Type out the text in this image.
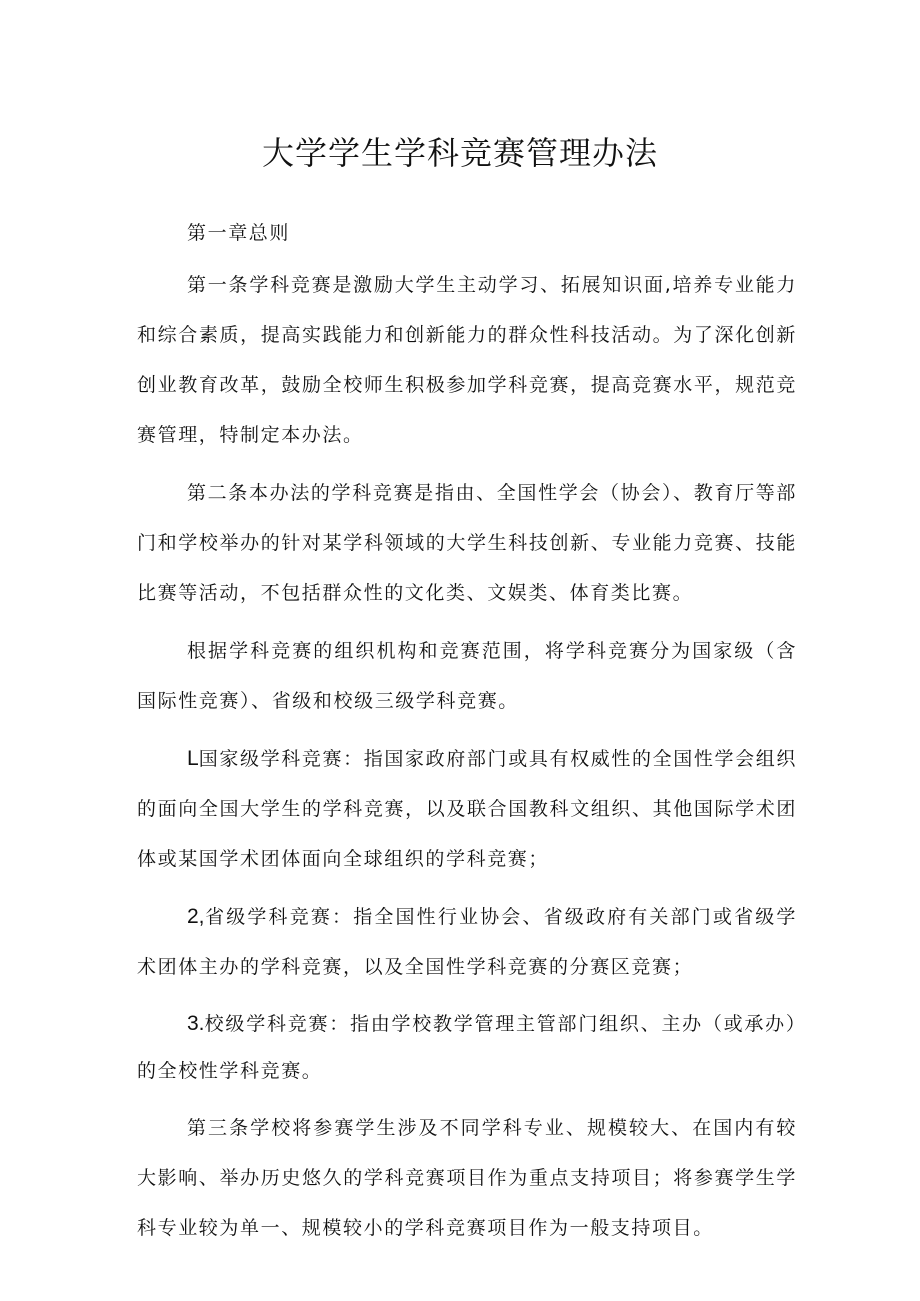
大学学生学科竞赛管理办法

第一章总则

第一条学科竞赛是激励大学生主动学习、拓展知识面,培养专业能力和综合素质，提高实践能力和创新能力的群众性科技活动。为了深化创新创业教育改革，鼓励全校师生积极参加学科竞赛，提高竞赛水平，规范竞赛管理，特制定本办法。

第二条本办法的学科竞赛是指由、全国性学会（协会）、教育厅等部门和学校举办的针对某学科领域的大学生科技创新、专业能力竞赛、技能比赛等活动，不包括群众性的文化类、文娱类、体育类比赛。

根据学科竞赛的组织机构和竞赛范围，将学科竞赛分为国家级（含国际性竞赛）、省级和校级三级学科竞赛。

L国家级学科竞赛：指国家政府部门或具有权威性的全国性学会组织的面向全国大学生的学科竞赛，以及联合国教科文组织、其他国际学术团体或某国学术团体面向全球组织的学科竞赛；

2,省级学科竞赛：指全国性行业协会、省级政府有关部门或省级学术团体主办的学科竞赛，以及全国性学科竞赛的分赛区竞赛；

3.校级学科竞赛：指由学校教学管理主管部门组织、主办（或承办）的全校性学科竞赛。

第三条学校将参赛学生涉及不同学科专业、规模较大、在国内有较大影响、举办历史悠久的学科竞赛项目作为重点支持项目；将参赛学生学科专业较为单一、规模较小的学科竞赛项目作为一般支持项目。
